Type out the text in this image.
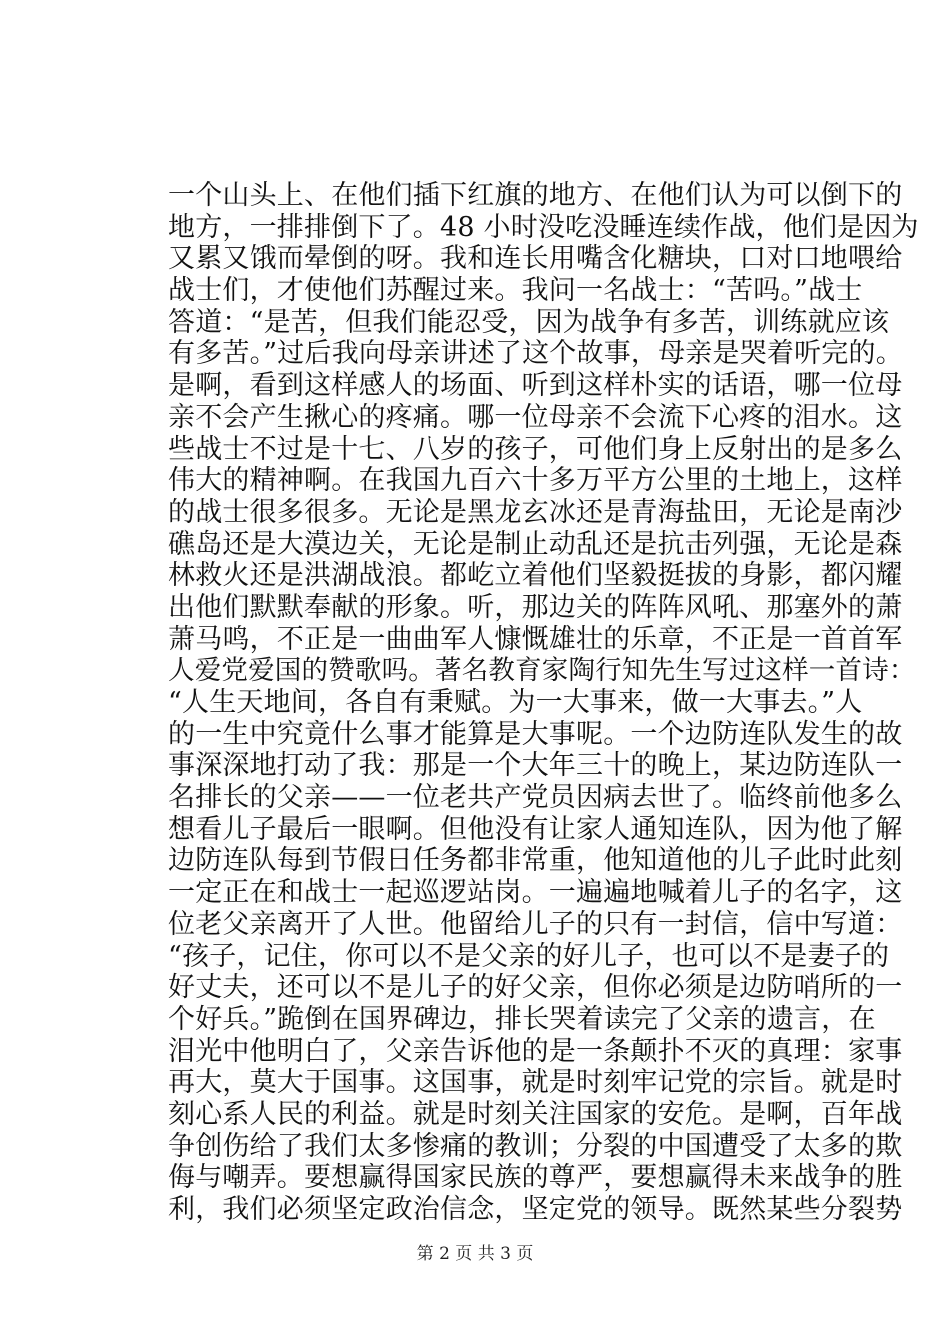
一个山头上、在他们插下红旗的地方、在他们认为可以倒下的
地方，一排排倒下了。48 小时没吃没睡连续作战，他们是因为
又累又饿而晕倒的呀。我和连长用嘴含化糖块，口对口地喂给
战士们，才使他们苏醒过来。我问一名战士：“苦吗。”战士
答道：“是苦，但我们能忍受，因为战争有多苦，训练就应该
有多苦。”过后我向母亲讲述了这个故事，母亲是哭着听完的。
是啊，看到这样感人的场面、听到这样朴实的话语，哪一位母
亲不会产生揪心的疼痛。哪一位母亲不会流下心疼的泪水。这
些战士不过是十七、八岁的孩子，可他们身上反射出的是多么
伟大的精神啊。在我国九百六十多万平方公里的土地上，这样
的战士很多很多。无论是黑龙玄冰还是青海盐田，无论是南沙
礁岛还是大漠边关，无论是制止动乱还是抗击列强，无论是森
林救火还是洪湖战浪。都屹立着他们坚毅挺拔的身影，都闪耀
出他们默默奉献的形象。听，那边关的阵阵风吼、那塞外的萧
萧马鸣，不正是一曲曲军人慷慨雄壮的乐章，不正是一首首军
人爱党爱国的赞歌吗。著名教育家陶行知先生写过这样一首诗：
“人生天地间，各自有秉赋。为一大事来，做一大事去。”人
的一生中究竟什么事才能算是大事呢。一个边防连队发生的故
事深深地打动了我：那是一个大年三十的晚上，某边防连队一
名排长的父亲——一位老共产党员因病去世了。临终前他多么
想看儿子最后一眼啊。但他没有让家人通知连队，因为他了解
边防连队每到节假日任务都非常重，他知道他的儿子此时此刻
一定正在和战士一起巡逻站岗。一遍遍地喊着儿子的名字，这
位老父亲离开了人世。他留给儿子的只有一封信，信中写道：
“孩子，记住，你可以不是父亲的好儿子，也可以不是妻子的
好丈夫，还可以不是儿子的好父亲，但你必须是边防哨所的一
个好兵。”跪倒在国界碑边，排长哭着读完了父亲的遗言，在
泪光中他明白了，父亲告诉他的是一条颠扑不灭的真理：家事
再大，莫大于国事。这国事，就是时刻牢记党的宗旨。就是时
刻心系人民的利益。就是时刻关注国家的安危。是啊，百年战
争创伤给了我们太多惨痛的教训；分裂的中国遭受了太多的欺
侮与嘲弄。要想赢得国家民族的尊严，要想赢得未来战争的胜
利，我们必须坚定政治信念，坚定党的领导。既然某些分裂势
第 2 页 共 3 页
